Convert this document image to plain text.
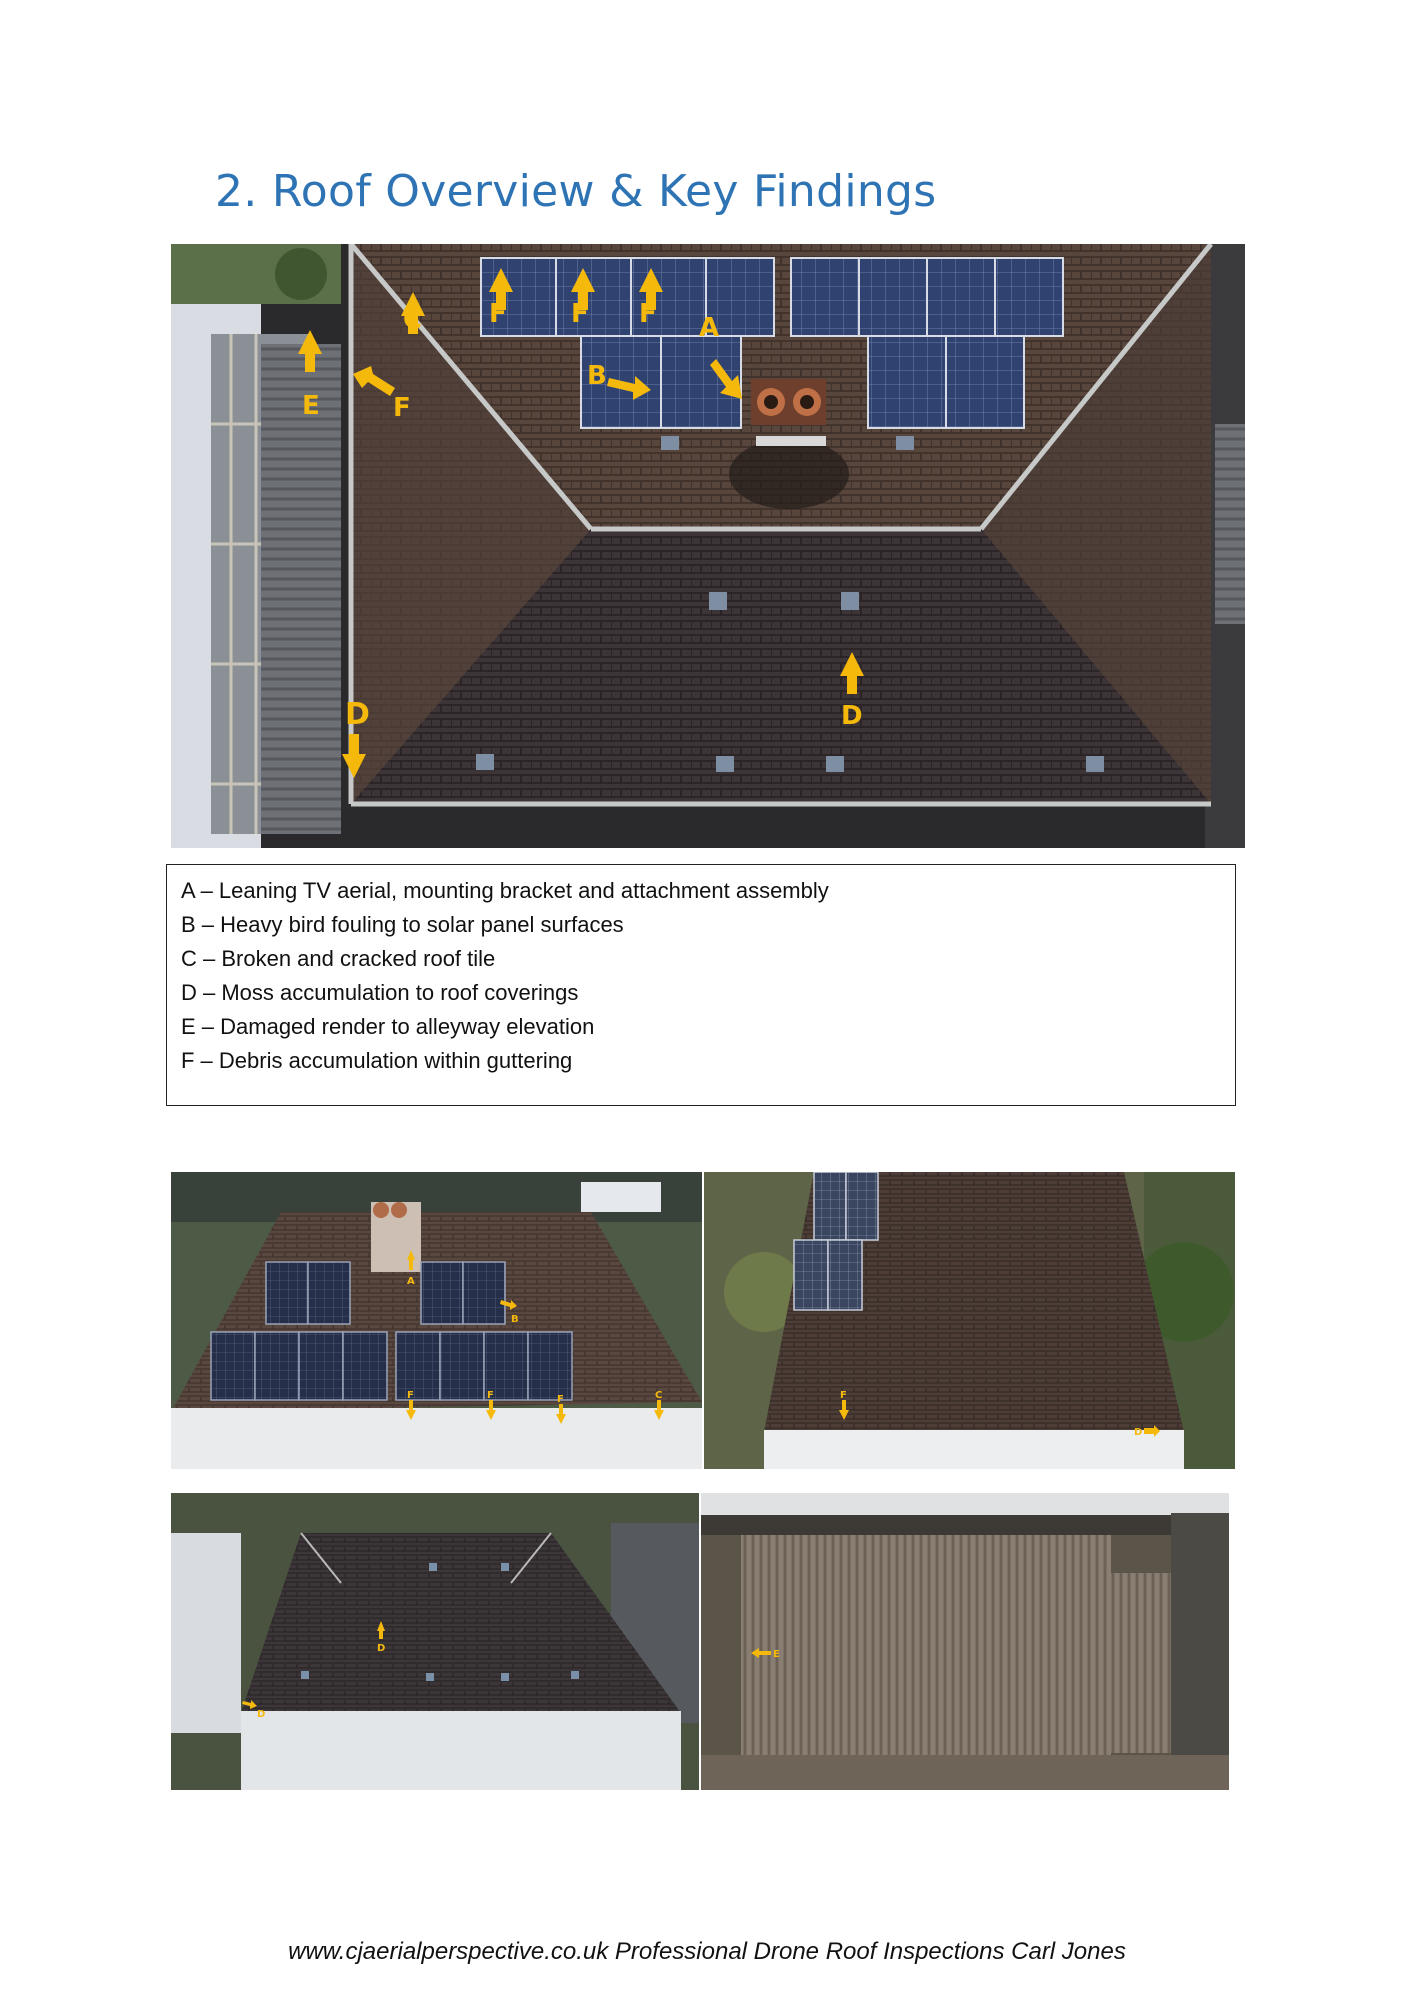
2. Roof Overview & Key Findings
C	F F F A
B
E	F
D
D
A – Leaning TV aerial, mounting bracket and attachment assembly
B – Heavy bird fouling to solar panel surfaces
C – Broken and cracked roof tile
D – Moss accumulation to roof coverings
E – Damaged render to alleyway elevation
F – Debris accumulation within guttering
A
B
F	F	F	C	F
D
D
D
E
www.cjaerialperspective.co.uk Professional Drone Roof Inspections Carl Jones
